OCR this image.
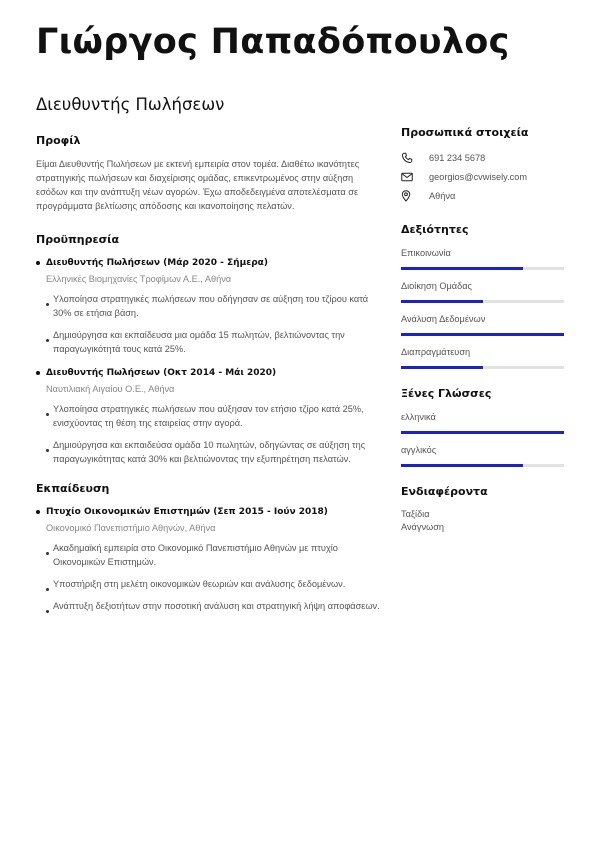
Γιώργος Παπαδόπουλος
Διευθυντής Πωλήσεων
Προφίλ
Είμαι Διευθυντής Πωλήσεων με εκτενή εμπειρία στον τομέα. Διαθέτω ικανότητες στρατηγικής πωλήσεων και διαχείρισης ομάδας, επικεντρωμένος στην αύξηση εσόδων και την ανάπτυξη νέων αγορών. Έχω αποδεδειγμένα αποτελέσματα σε προγράμματα βελτίωσης απόδοσης και ικανοποίησης πελατών.
Προϋπηρεσία
Διευθυντής Πωλήσεων (Μάρ 2020 - Σήμερα)
Ελληνικές Βιομηχανίες Τροφίμων Α.Ε., Αθήνα
Υλοποίησα στρατηγικές πωλήσεων που οδήγησαν σε αύξηση του τζίρου κατά 30% σε ετήσια βάση.
Δημιούργησα και εκπαίδευσα μια ομάδα 15 πωλητών, βελτιώνοντας την παραγωγικότητά τους κατά 25%.
Διευθυντής Πωλήσεων (Οκτ 2014 - Μάι 2020)
Ναυτιλιακή Αιγαίου Ο.Ε., Αθήνα
Υλοποίησα στρατηγικές πωλήσεων που αύξησαν τον ετήσιο τζίρο κατά 25%, ενισχύοντας τη θέση της εταιρείας στην αγορά.
Δημιούργησα και εκπαιδεύσα ομάδα 10 πωλητών, οδηγώντας σε αύξηση της παραγωγικότητας κατά 30% και βελτιώνοντας την εξυπηρέτηση πελατών.
Εκπαίδευση
Πτυχίο Οικονομικών Επιστημών (Σεπ 2015 - Ιούν 2018)
Οικονομικό Πανεπιστήμιο Αθηνών, Αθήνα
Ακαδημαϊκή εμπειρία στο Οικονομικό Πανεπιστήμιο Αθηνών με πτυχίο Οικονομικών Επιστημών.
Υποστήριξη στη μελέτη οικονομικών θεωριών και ανάλυσης δεδομένων.
Ανάπτυξη δεξιοτήτων στην ποσοτική ανάλυση και στρατηγική λήψη αποφάσεων.
Προσωπικά στοιχεία
691 234 5678
georgios@cvwisely.com
Αθήνα
Δεξιότητες
Επικοινωνία
Διοίκηση Ομάδας
Ανάλυση Δεδομένων
Διαπραγμάτευση
Ξένες Γλώσσες
ελληνικά
αγγλικός
Ενδιαφέροντα
Ταξίδια
Ανάγνωση
